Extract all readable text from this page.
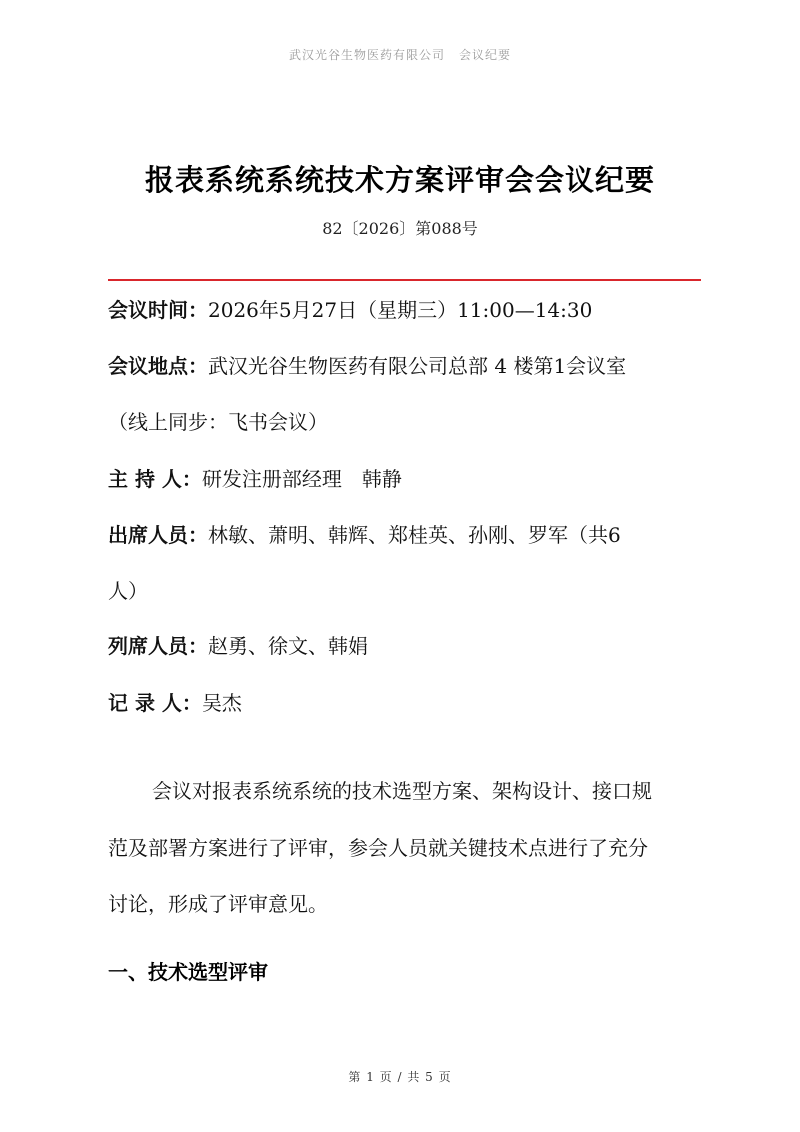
武汉光谷生物医药有限公司 会议纪要
报表系统系统技术方案评审会会议纪要
82〔2026〕第088号
会议时间：2026年5月27日（星期三）11:00—14:30
会议地点：武汉光谷生物医药有限公司总部 4 楼第1会议室
（线上同步：飞书会议）
主 持 人：研发注册部经理　韩静
出席人员：林敏、萧明、韩辉、郑桂英、孙刚、罗军（共6
人）
列席人员：赵勇、徐文、韩娟
记 录 人：吴杰
会议对报表系统系统的技术选型方案、架构设计、接口规
范及部署方案进行了评审，参会人员就关键技术点进行了充分
讨论，形成了评审意见。
一、技术选型评审
第 1 页 / 共 5 页
